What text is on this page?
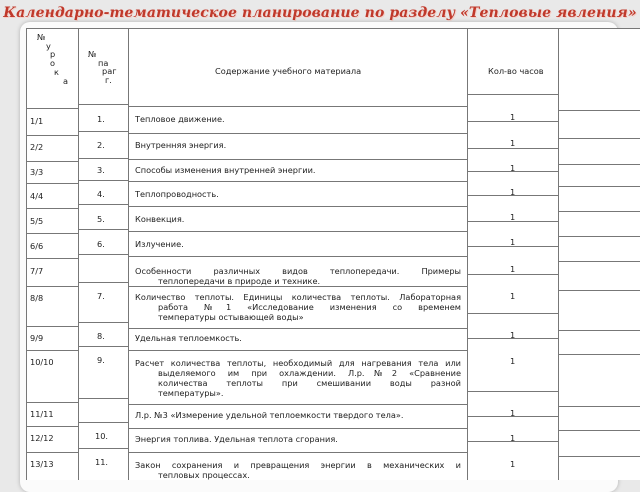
Календарно-тематическое планирование по разделу «Тепловые явления»
№
у
р
о
к
а
№
па
раг
г.
Содержание учебного материала	Кол-во часов
1/1
2/2
3/3
4/4
5/5
6/6
7/7
8/8
9/9
10/10
11/11
12/12
13/13
1.
2.
3.
4.
5.
6.
7.
8.
9.
10.
11.
Тепловое движение.
Внутренняя энергия.
Способы изменения внутренней энергии.
Теплопроводность.
Конвекция.
Излучение.
Особенности различных видов теплопередачи. Примеры
теплопередачи в природе и технике.
Количество теплоты. Единицы количества теплоты. Лабораторная
работа №1 «Исследование изменения со временем
температуры остывающей воды»
Удельная теплоемкость.
Расчет количества теплоты, необходимый для нагревания тела или
выделяемого им при охлаждении. Л.р.№2 «Сравнение
количества теплоты при смешивании воды разной
температуры».
Л.р. №3 «Измерение удельной теплоемкости твердого тела».
Энергия топлива. Удельная теплота сгорания.
Закон сохранения и превращения энергии в механических и
тепловых процессах.
1
1
1
1
1
1
1
1
1
1
1
1
1
